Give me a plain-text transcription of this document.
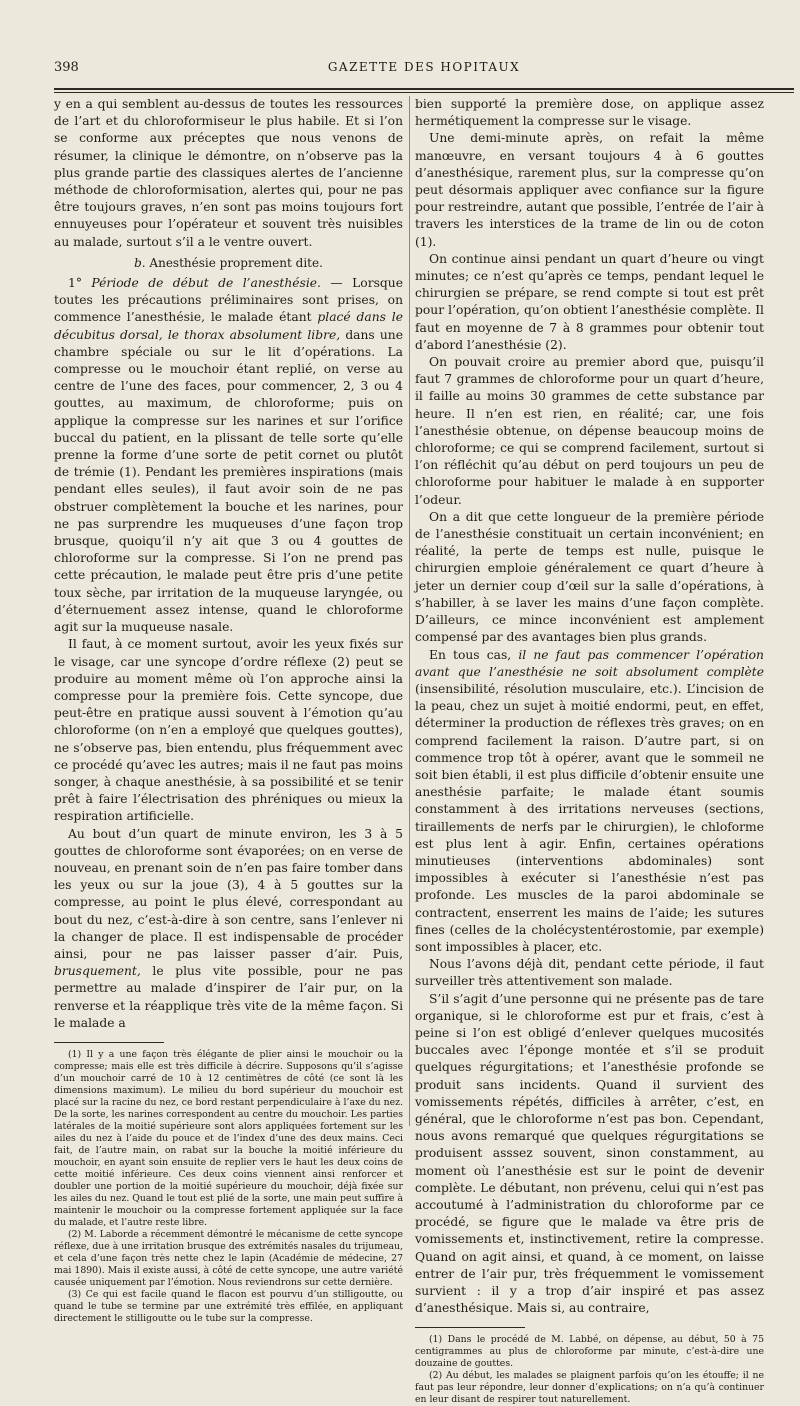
398	GAZETTE DES HOPITAUX

y en a qui semblent au-dessus de toutes les ressources de l’art et du chloroformiseur le plus habile. Et si l’on se conforme aux préceptes que nous venons de résumer, la clinique le démontre, on n’observe pas la plus grande partie des classiques alertes de l’ancienne méthode de chloroformisation, alertes qui, pour ne pas être toujours graves, n’en sont pas moins toujours fort ennuyeuses pour l’opérateur et souvent très nuisibles au malade, surtout s’il a le ventre ouvert.

b. Anesthésie proprement dite.

1° Période de début de l’anesthésie. — Lorsque toutes les précautions préliminaires sont prises, on commence l’anesthésie, le malade étant placé dans le décubitus dorsal, le thorax absolument libre, dans une chambre spéciale ou sur le lit d’opérations. La compresse ou le mouchoir étant replié, on verse au centre de l’une des faces, pour commencer, 2, 3 ou 4 gouttes, au maximum, de chloroforme; puis on applique la compresse sur les narines et sur l’orifice buccal du patient, en la plissant de telle sorte qu’elle prenne la forme d’une sorte de petit cornet ou plutôt de trémie (1). Pendant les premières inspirations (mais pendant elles seules), il faut avoir soin de ne pas obstruer complètement la bouche et les narines, pour ne pas surprendre les muqueuses d’une façon trop brusque, quoiqu’il n’y ait que 3 ou 4 gouttes de chloroforme sur la compresse. Si l’on ne prend pas cette précaution, le malade peut être pris d’une petite toux sèche, par irritation de la muqueuse laryngée, ou d’éternuement assez intense, quand le chloroforme agit sur la muqueuse nasale.

Il faut, à ce moment surtout, avoir les yeux fixés sur le visage, car une syncope d’ordre réflexe (2) peut se produire au moment même où l’on approche ainsi la compresse pour la première fois. Cette syncope, due peut-être en pratique aussi souvent à l’émotion qu’au chloroforme (on n’en a employé que quelques gouttes), ne s’observe pas, bien entendu, plus fréquemment avec ce procédé qu’avec les autres; mais il ne faut pas moins songer, à chaque anesthésie, à sa possibilité et se tenir prêt à faire l’électrisation des phréniques ou mieux la respiration artificielle.

Au bout d’un quart de minute environ, les 3 à 5 gouttes de chloroforme sont évaporées; on en verse de nouveau, en prenant soin de n’en pas faire tomber dans les yeux ou sur la joue (3), 4 à 5 gouttes sur la compresse, au point le plus élevé, correspondant au bout du nez, c’est-à-dire à son centre, sans l’enlever ni la changer de place. Il est indispensable de procéder ainsi, pour ne pas laisser passer d’air. Puis, brusquement, le plus vite possible, pour ne pas permettre au malade d’inspirer de l’air pur, on la renverse et la réapplique très vite de la même façon. Si le malade a

(1) Il y a une façon très élégante de plier ainsi le mouchoir ou la compresse; mais elle est très difficile à décrire. Supposons qu’il s’agisse d’un mouchoir carré de 10 à 12 centimètres de côté (ce sont là les dimensions maximum). Le milieu du bord supérieur du mouchoir est placé sur la racine du nez, ce bord restant perpendiculaire à l’axe du nez. De la sorte, les narines correspondent au centre du mouchoir. Les parties latérales de la moitié supérieure sont alors appliquées fortement sur les ailes du nez à l’aide du pouce et de l’index d’une des deux mains. Ceci fait, de l’autre main, on rabat sur la bouche la moitié inférieure du mouchoir, en ayant soin ensuite de replier vers le haut les deux coins de cette moitié inférieure. Ces deux coins viennent ainsi renforcer et doubler une portion de la moitié supérieure du mouchoir, déjà fixée sur les ailes du nez. Quand le tout est plié de la sorte, une main peut suffire à maintenir le mouchoir ou la compresse fortement appliquée sur la face du malade, et l’autre reste libre.

(2) M. Laborde a récemment démontré le mécanisme de cette syncope réflexe, due à une irritation brusque des extrémités nasales du trijumeau, et cela d’une façon très nette chez le lapin (Académie de médecine, 27 mai 1890). Mais il existe aussi, à côté de cette syncope, une autre variété causée uniquement par l’émotion. Nous reviendrons sur cette dernière.

(3) Ce qui est facile quand le flacon est pourvu d’un stilligoutte, ou quand le tube se termine par une extrémité très effilée, en appliquant directement le stilligoutte ou le tube sur la compresse.

bien supporté la première dose, on applique assez hermétiquement la compresse sur le visage.

Une demi-minute après, on refait la même manœuvre, en versant toujours 4 à 6 gouttes d’anesthésique, rarement plus, sur la compresse qu’on peut désormais appliquer avec confiance sur la figure pour restreindre, autant que possible, l’entrée de l’air à travers les interstices de la trame de lin ou de coton (1).

On continue ainsi pendant un quart d’heure ou vingt minutes; ce n’est qu’après ce temps, pendant lequel le chirurgien se prépare, se rend compte si tout est prêt pour l’opération, qu’on obtient l’anesthésie complète. Il faut en moyenne de 7 à 8 grammes pour obtenir tout d’abord l’anesthésie (2).

On pouvait croire au premier abord que, puisqu’il faut 7 grammes de chloroforme pour un quart d’heure, il faille au moins 30 grammes de cette substance par heure. Il n’en est rien, en réalité; car, une fois l’anesthésie obtenue, on dépense beaucoup moins de chloroforme; ce qui se comprend facilement, surtout si l’on réfléchit qu’au début on perd toujours un peu de chloroforme pour habituer le malade à en supporter l’odeur.

On a dit que cette longueur de la première période de l’anesthésie constituait un certain inconvénient; en réalité, la perte de temps est nulle, puisque le chirurgien emploie généralement ce quart d’heure à jeter un dernier coup d’œil sur la salle d’opérations, à s’habiller, à se laver les mains d’une façon complète. D’ailleurs, ce mince inconvénient est amplement compensé par des avantages bien plus grands.

En tous cas, il ne faut pas commencer l’opération avant que l’anesthésie ne soit absolument complète (insensibilité, résolution musculaire, etc.). L’incision de la peau, chez un sujet à moitié endormi, peut, en effet, déterminer la production de réflexes très graves; on en comprend facilement la raison. D’autre part, si on commence trop tôt à opérer, avant que le sommeil ne soit bien établi, il est plus difficile d’obtenir ensuite une anesthésie parfaite; le malade étant soumis constamment à des irritations nerveuses (sections, tiraillements de nerfs par le chirurgien), le chloforme est plus lent à agir. Enfin, certaines opérations minutieuses (interventions abdominales) sont impossibles à exécuter si l’anesthésie n’est pas profonde. Les muscles de la paroi abdominale se contractent, enserrent les mains de l’aide; les sutures fines (celles de la cholécystentérostomie, par exemple) sont impossibles à placer, etc.

Nous l’avons déjà dit, pendant cette période, il faut surveiller très attentivement son malade.

S’il s’agit d’une personne qui ne présente pas de tare organique, si le chloroforme est pur et frais, c’est à peine si l’on est obligé d’enlever quelques mucosités buccales avec l’éponge montée et s’il se produit quelques régurgitations; et l’anesthésie profonde se produit sans incidents. Quand il survient des vomissements répétés, difficiles à arrêter, c’est, en général, que le chloroforme n’est pas bon. Cependant, nous avons remarqué que quelques régurgitations se produisent asssez souvent, sinon constamment, au moment où l’anesthésie est sur le point de devenir complète. Le débutant, non prévenu, celui qui n’est pas accoutumé à l’administration du chloroforme par ce procédé, se figure que le malade va être pris de vomissements et, instinctivement, retire la compresse. Quand on agit ainsi, et quand, à ce moment, on laisse entrer de l’air pur, très fréquemment le vomissement survient : il y a trop d’air inspiré et pas assez d’anesthésique. Mais si, au contraire,

(1) Dans le procédé de M. Labbé, on dépense, au début, 50 à 75 centigrammes au plus de chloroforme par minute, c’est-à-dire une douzaine de gouttes.

(2) Au début, les malades se plaignent parfois qu’on les étouffe; il ne faut pas leur répondre, leur donner d’explications; on n’a qu’à continuer en leur disant de respirer tout naturellement.
